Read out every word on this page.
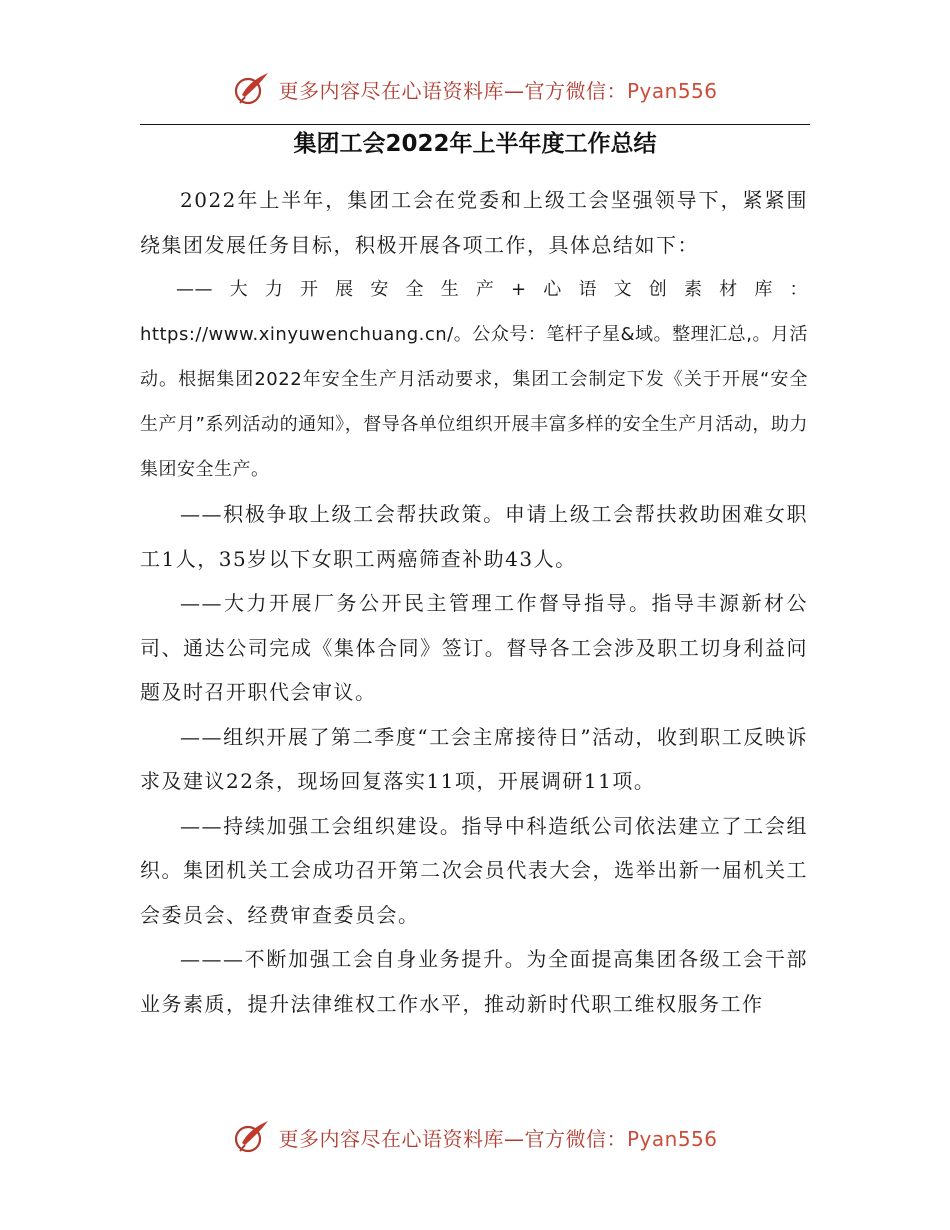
更多内容尽在心语资料库—官方微信：Pyan556
集团工会2022年上半年度工作总结

2022年上半年，集团工会在党委和上级工会坚强领导下，紧紧围绕集团发展任务目标，积极开展各项工作，具体总结如下：

——大力开展安全生产+心语文创素材库：https://www.xinyuwenchuang.cn/。公众号：笔杆子星&域。整理汇总,。月活动。根据集团2022年安全生产月活动要求，集团工会制定下发《关于开展“安全生产月”系列活动的通知》，督导各单位组织开展丰富多样的安全生产月活动，助力集团安全生产。

——积极争取上级工会帮扶政策。申请上级工会帮扶救助困难女职工1人，35岁以下女职工两癌筛查补助43人。

——大力开展厂务公开民主管理工作督导指导。指导丰源新材公司、通达公司完成《集体合同》签订。督导各工会涉及职工切身利益问题及时召开职代会审议。

——组织开展了第二季度“工会主席接待日”活动，收到职工反映诉求及建议22条，现场回复落实11项，开展调研11项。

——持续加强工会组织建设。指导中科造纸公司依法建立了工会组织。集团机关工会成功召开第二次会员代表大会，选举出新一届机关工会委员会、经费审查委员会。

———不断加强工会自身业务提升。为全面提高集团各级工会干部业务素质，提升法律维权工作水平，推动新时代职工维权服务工作

更多内容尽在心语资料库—官方微信：Pyan556
